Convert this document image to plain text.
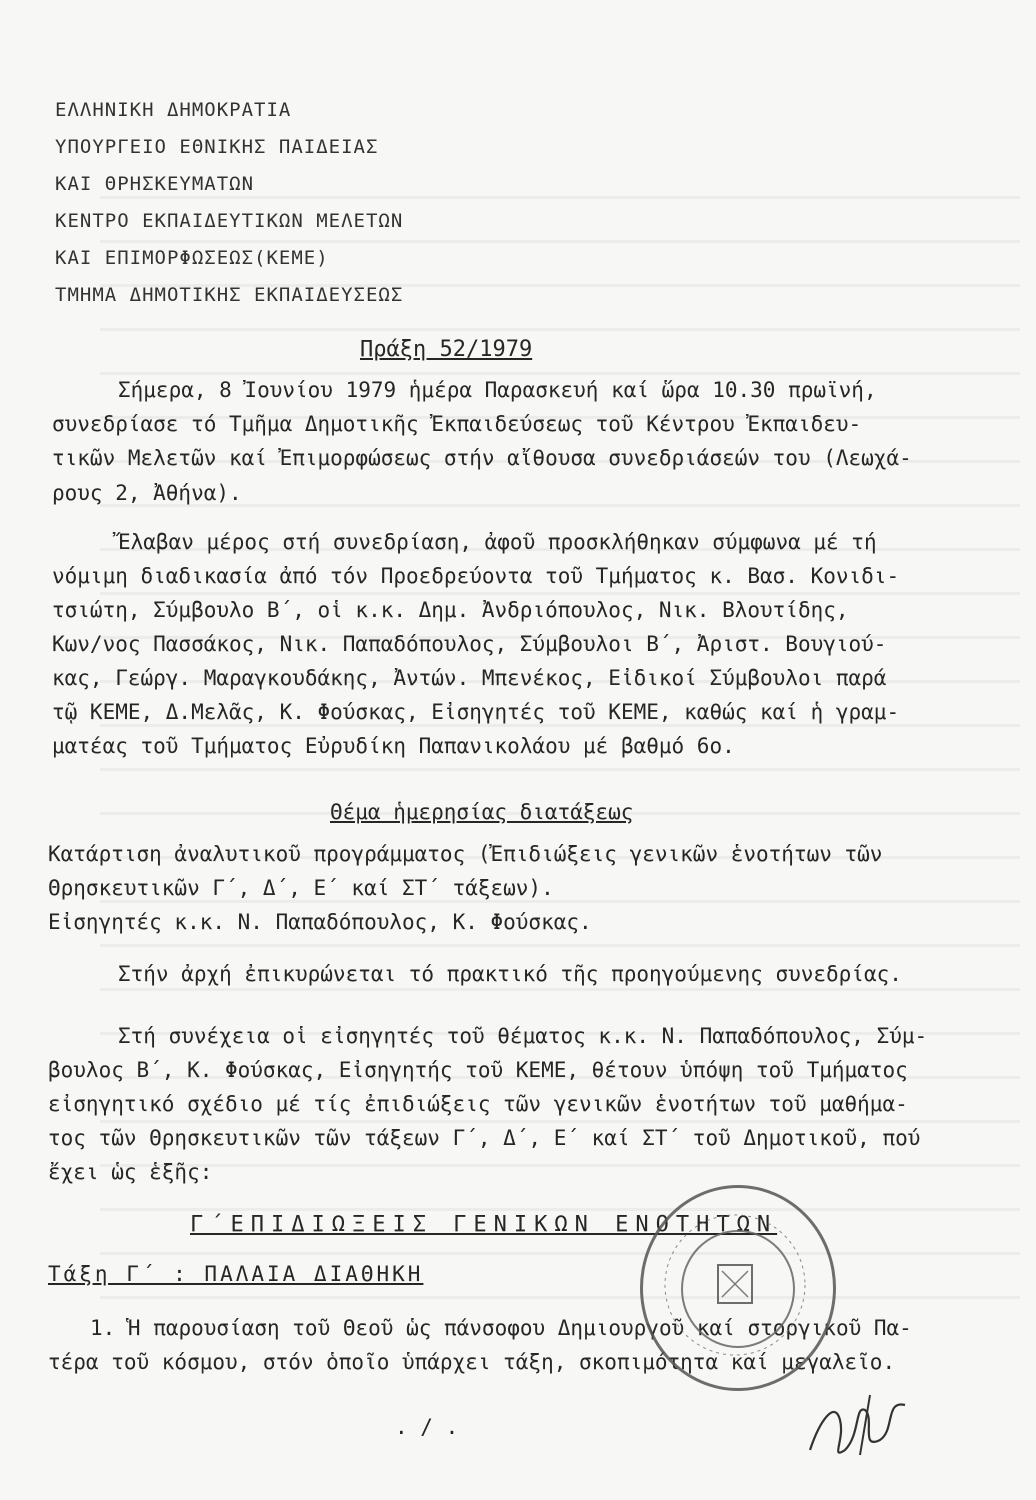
ΕΛΛΗΝΙΚΗ ΔΗΜΟΚΡΑΤΙΑ
ΥΠΟΥΡΓΕΙΟ ΕΘΝΙΚΗΣ ΠΑΙΔΕΙΑΣ
ΚΑΙ ΘΡΗΣΚΕΥΜΑΤΩΝ
ΚΕΝΤΡΟ ΕΚΠΑΙΔΕΥΤΙΚΩΝ ΜΕΛΕΤΩΝ
ΚΑΙ ΕΠΙΜΟΡΦΩΣΕΩΣ(ΚΕΜΕ)
ΤΜΗΜΑ ΔΗΜΟΤΙΚΗΣ ΕΚΠΑΙΔΕΥΣΕΩΣ
Πράξη 52/1979
Σήμερα, 8 Ἰουνίου 1979 ἡμέρα Παρασκευή καί ὥρα 10.30 πρωϊνή,
συνεδρίασε τό Τμῆμα Δημοτικῆς Ἐκπαιδεύσεως τοῦ Κέντρου Ἐκπαιδευ-
τικῶν Μελετῶν καί Ἐπιμορφώσεως στήν αἴθουσα συνεδριάσεών του (Λεωχά-
ρους 2, Ἀθήνα).
Ἔλαβαν μέρος στή συνεδρίαση, ἀφοῦ προσκλήθηκαν σύμφωνα μέ τή
νόμιμη διαδικασία ἀπό τόν Προεδρεύοντα τοῦ Τμήματος κ. Βασ. Κονιδι-
τσιώτη, Σύμβουλο Β΄, οἱ κ.κ. Δημ. Ἀνδριόπουλος, Νικ. Βλουτίδης,
Κων/νος Πασσάκος, Νικ. Παπαδόπουλος, Σύμβουλοι Β΄, Ἀριστ. Βουγιού-
κας, Γεώργ. Μαραγκουδάκης, Ἀντών. Μπενέκος, Εἰδικοί Σύμβουλοι παρά
τῷ ΚΕΜΕ, Δ.Μελᾶς, Κ. Φούσκας, Εἰσηγητές τοῦ ΚΕΜΕ, καθώς καί ἡ γραμ-
ματέας τοῦ Τμήματος Εὐρυδίκη Παπανικολάου μέ βαθμό 6ο.
Θέμα ἡμερησίας διατάξεως
Κατάρτιση ἀναλυτικοῦ προγράμματος (Ἐπιδιώξεις γενικῶν ἑνοτήτων τῶν
Θρησκευτικῶν Γ΄, Δ΄, Ε΄ καί ΣΤ΄ τάξεων).
Εἰσηγητές κ.κ. Ν. Παπαδόπουλος, Κ. Φούσκας.
Στήν ἀρχή ἐπικυρώνεται τό πρακτικό τῆς προηγούμενης συνεδρίας.
Στή συνέχεια οἱ εἰσηγητές τοῦ θέματος κ.κ. Ν. Παπαδόπουλος, Σύμ-
βουλος Β΄, Κ. Φούσκας, Εἰσηγητής τοῦ ΚΕΜΕ, θέτουν ὑπόψη τοῦ Τμήματος
εἰσηγητικό σχέδιο μέ τίς ἐπιδιώξεις τῶν γενικῶν ἑνοτήτων τοῦ μαθήμα-
τος τῶν Θρησκευτικῶν τῶν τάξεων Γ΄, Δ΄, Ε΄ καί ΣΤ΄ τοῦ Δημοτικοῦ, πού
ἔχει ὡς ἑξῆς:
Γ΄ΕΠΙΔΙΩΞΕΙΣ ΓΕΝΙΚΩΝ ΕΝΟΤΗΤΩΝ
Τάξη Γ΄ : ΠΑΛΑΙΑ ΔΙΑΘΗΚΗ
1. Ἡ παρουσίαση τοῦ Θεοῦ ὡς πάνσοφου Δημιουργοῦ καί στοργικοῦ Πα-
τέρα τοῦ κόσμου, στόν ὁποῖο ὑπάρχει τάξη, σκοπιμότητα καί μεγαλεῖο.
. / .
